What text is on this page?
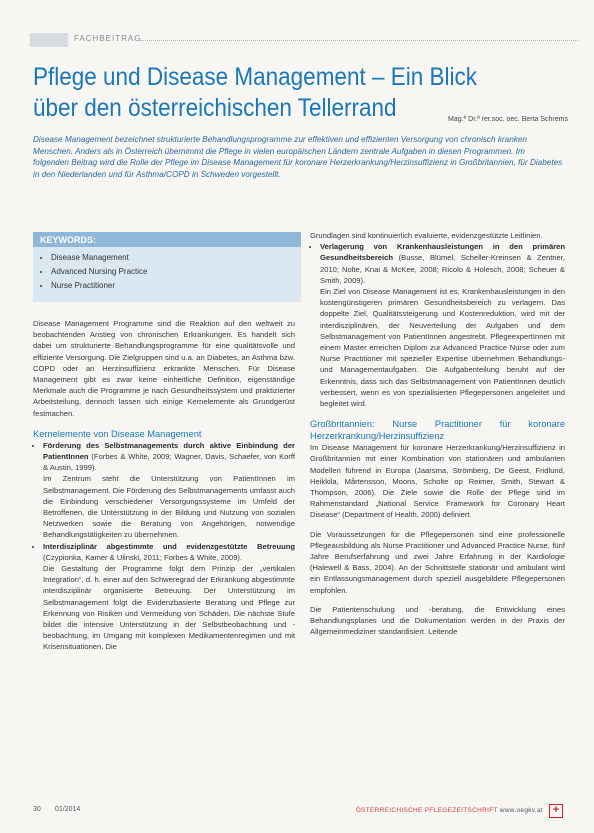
FACHBEITRAG
Pflege und Disease Management – Ein Blick über den österreichischen Tellerrand	Mag.ª Dr.ª rer.soc. oec. Berta Schrems
Disease Management bezeichnet strukturierte Behandlungsprogramme zur effektiven und effizienten Versorgung von chronisch kranken Menschen. Anders als in Österreich übernimmt die Pflege in vielen europäischen Ländern zentrale Aufgaben in diesen Programmen. Im folgenden Beitrag wird die Rolle der Pflege im Disease Management für koronare Herzerkrankung/Herzinsuffizienz in Großbritannien, für Diabetes in den Niederlanden und für Asthma/COPD in Schweden vorgestellt.
KEYWORDS:
• Disease Management
• Advanced Nursing Practice
• Nurse Practitioner

Disease Management Programme sind die Reaktion auf den weltweit zu beobachtenden Anstieg von chronischen Erkrankungen. Es handelt sich dabei um strukturierte Behandlungsprogramme für eine qualitätsvolle und effiziente Versorgung. Die Zielgruppen sind u.a. an Diabetes, an Asthma bzw. COPD oder an Herzinsuffizienz erkrankte Menschen. Für Disease Management gibt es zwar keine einheitliche Definition, eigenständige Merkmale auch die Programme je nach Gesundheitssystem und praktizierter Arbeitsteilung, dennoch lassen sich einige Kernelemente als Grundgerüst festmachen.

Kernelemente von Disease Management
• Förderung des Selbstmanagements durch aktive Einbindung der PatientInnen (Forbes & White, 2009; Wagner, Davis, Schaefer, von Korff & Austin, 1999).

Im Zentrum steht die Unterstützung von PatientInnen im Selbstmanagement. Die Förderung des Selbstmanagements umfasst auch die Einbindung verschiedener Versorgungssysteme im Umfeld der Betroffenen, die Unterstützung in der Bildung und Nutzung von sozialen Netzwerken sowie die Beratung von Angehörigen, notwendige Behandlungstätigkeiten zu übernehmen.

• Interdisziplinär abgestimmte und evidenzgestützte Betreuung (Czypionka, Kamer & Ulinski, 2011; Forbes & White, 2009).

Die Gestaltung der Programme folgt dem Prinzip der „vertikalen Integration“, d. h. einer auf den Schweregrad der Erkrankung abgestimmte interdisziplinär organisierte Betreuung. Der Unterstützung im Selbstmanagement folgt die Evidenzbasierte Beratung und Pflege zur Erkennung von Risiken und Vermeidung von Schäden. Die nächste Stufe bildet die intensive Unterstützung in der Selbstbeobachtung und -beobachtung, im Umgang mit komplexen Medikamentenregimen und mit Krisensituationen. Die

Grundlagen sind kontinuierlich evaluierte, evidenzgestützte Leitlinien.

• Verlagerung von Krankenhausleistungen in den primären Gesundheitsbereich (Busse, Blümel, Scheller-Kreinsen & Zentner, 2010; Nolte, Knai & McKee, 2008; Ricolo & Holesch, 2008; Scheuer & Smith, 2009).

Ein Ziel von Disease Management ist es, Krankenhausleistungen in den kostengünstigeren primären Gesundheitsbereich zu verlagern. Das doppelte Ziel, Qualitätssteigerung und Kostenreduktion, wird mit der interdisziplinären, der Neuverteilung der Aufgaben und dem Selbstmanagement von PatientInnen angestrebt. PflegeexpertInnen mit einem Master erreichen Diplom zur Advanced Practice Nurse oder zum Nurse Practitioner mit spezieller Expertise übernehmen Behandlungs- und Managementaufgaben. Die Aufgabenteilung beruht auf der Erkenntnis, dass sich das Selbstmanagement von PatientInnen deutlich verbessert, wenn es von spezialisierten Pflegepersonen angeleitet und begleitet wird.

Großbritannien: Nurse Practitioner für koronare Herzerkrankung/Herzinsuffizienz

Im Disease Management für koronare Herzerkrankung/Herzinsuffizienz in Großbritannien mit einer Kombination von stationären und ambulanten Modellen führend in Europa (Jaarsma, Strömberg, De Geest, Fridlund, Heikkila, Mårtensson, Moons, Scholte op Reimer, Smith, Stewart & Thompson, 2006). Die Ziele sowie die Rolle der Pflege sind im Rahmenstandard „National Service Framework for Coronary Heart Disease“ (Department of Health, 2000) definiert.

Die Voraussetzungen für die Pflegepersonen sind eine professionelle Pflegeausbildung als Nurse Practitioner und Advanced Practice Nurse, fünf Jahre Berufserfahrung und zwei Jahre Erfahrung in der Kardiologie (Halewell & Bass, 2004). An der Schnittstelle stationär und ambulant wird ein Entlassungsmanagement durch speziell ausgebildete Pflegepersonen empfohlen.

Die Patientenschulung und -beratung, die Entwicklung eines Behandlungsplanes und die Dokumentation werden in der Praxis der Allgemeinmediziner standardisiert. Leitende

30 01/2014	ÖSTERREICHISCHE PFLEGEZEITSCHRIFT www.oegkv.at +
